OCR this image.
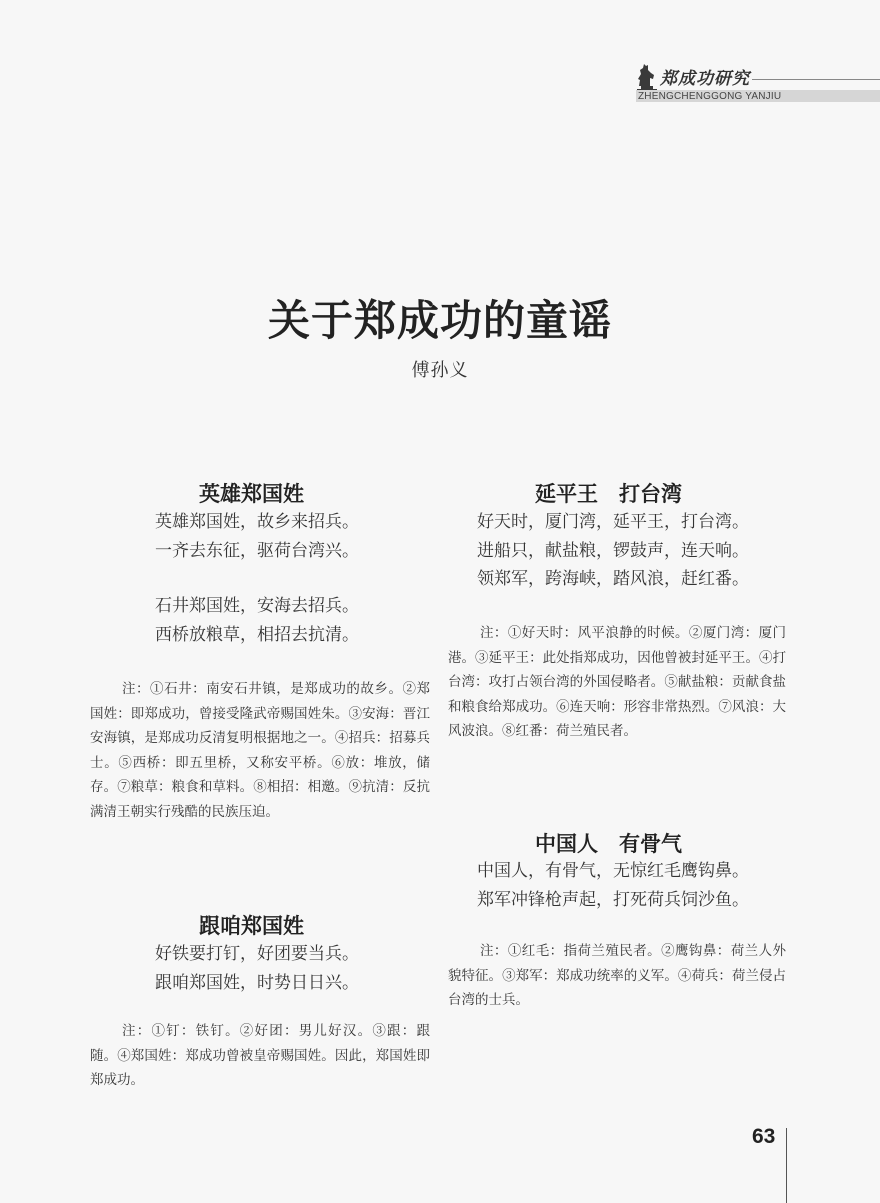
郑成功研究
ZHENGCHENGGONG YANJIU
关于郑成功的童谣
傅孙义
英雄郑国姓
英雄郑国姓，故乡来招兵。
一齐去东征，驱荷台湾兴。
石井郑国姓，安海去招兵。
西桥放粮草，相招去抗清。
注：①石井：南安石井镇，是郑成功的故乡。②郑国姓：即郑成功，曾接受隆武帝赐国姓朱。③安海：晋江安海镇，是郑成功反清复明根据地之一。④招兵：招募兵士。⑤西桥：即五里桥，又称安平桥。⑥放：堆放，储存。⑦粮草：粮食和草料。⑧相招：相邀。⑨抗清：反抗满清王朝实行残酷的民族压迫。
跟咱郑国姓
好铁要打钉，好团要当兵。
跟咱郑国姓，时势日日兴。
注：①钉：铁钉。②好团：男儿好汉。③跟：跟随。④郑国姓：郑成功曾被皇帝赐国姓。因此，郑国姓即郑成功。
延平王　打台湾
好天时，厦门湾，延平王，打台湾。
进船只，献盐粮，锣鼓声，连天响。
领郑军，跨海峡，踏风浪，赶红番。
注：①好天时：风平浪静的时候。②厦门湾：厦门港。③延平王：此处指郑成功，因他曾被封延平王。④打台湾：攻打占领台湾的外国侵略者。⑤献盐粮：贡献食盐和粮食给郑成功。⑥连天响：形容非常热烈。⑦风浪：大风波浪。⑧红番：荷兰殖民者。
中国人　有骨气
中国人，有骨气，无惊红毛鹰钩鼻。
郑军冲锋枪声起，打死荷兵饲沙鱼。
注：①红毛：指荷兰殖民者。②鹰钩鼻：荷兰人外貌特征。③郑军：郑成功统率的义军。④荷兵：荷兰侵占台湾的士兵。
63
